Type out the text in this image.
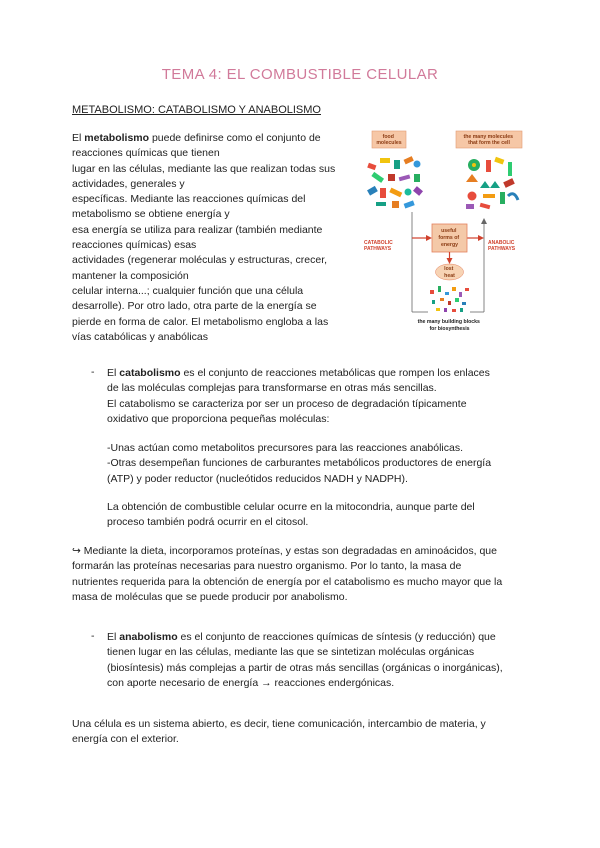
TEMA 4: EL COMBUSTIBLE CELULAR
METABOLISMO: CATABOLISMO Y ANABOLISMO
El metabolismo puede definirse como el conjunto de
reacciones químicas que tienen
lugar en las células, mediante las que realizan todas sus
actividades, generales y
específicas. Mediante las reacciones químicas del
metabolismo se obtiene energía y
esa energía se utiliza para realizar (también mediante
reacciones químicas) esas
actividades (regenerar moléculas y estructuras, crecer,
mantener la composición
celular interna...; cualquier función que una célula
desarrolle). Por otro lado, otra parte de la energía se
pierde en forma de calor. El metabolismo engloba a las
vías catabólicas y anabólicas
food molecules
the many molecules that form the cell
useful forms of energy
lost heat
CATABOLIC PATHWAYS
ANABOLIC PATHWAYS
the many building blocks for biosynthesis
- El catabolismo es el conjunto de reacciones metabólicas que rompen los enlaces
de las moléculas complejas para transformarse en otras más sencillas.
El catabolismo se caracteriza por ser un proceso de degradación típicamente
oxidativo que proporciona pequeñas moléculas:
-Unas actúan como metabolitos precursores para las reacciones anabólicas.
-Otras desempeñan funciones de carburantes metabólicos productores de energía
(ATP) y poder reductor (nucleótidos reducidos NADH y NADPH).
La obtención de combustible celular ocurre en la mitocondria, aunque parte del
proceso también podrá ocurrir en el citosol.
↪ Mediante la dieta, incorporamos proteínas, y estas son degradadas en aminoácidos, que
formarán las proteínas necesarias para nuestro organismo. Por lo tanto, la masa de
nutrientes requerida para la obtención de energía por el catabolismo es mucho mayor que la
masa de moléculas que se puede producir por anabolismo.
- El anabolismo es el conjunto de reacciones químicas de síntesis (y reducción) que
tienen lugar en las células, mediante las que se sintetizan moléculas orgánicas
(biosíntesis) más complejas a partir de otras más sencillas (orgánicas o inorgánicas),
con aporte necesario de energía → reacciones endergónicas.
Una célula es un sistema abierto, es decir, tiene comunicación, intercambio de materia, y
energía con el exterior.
